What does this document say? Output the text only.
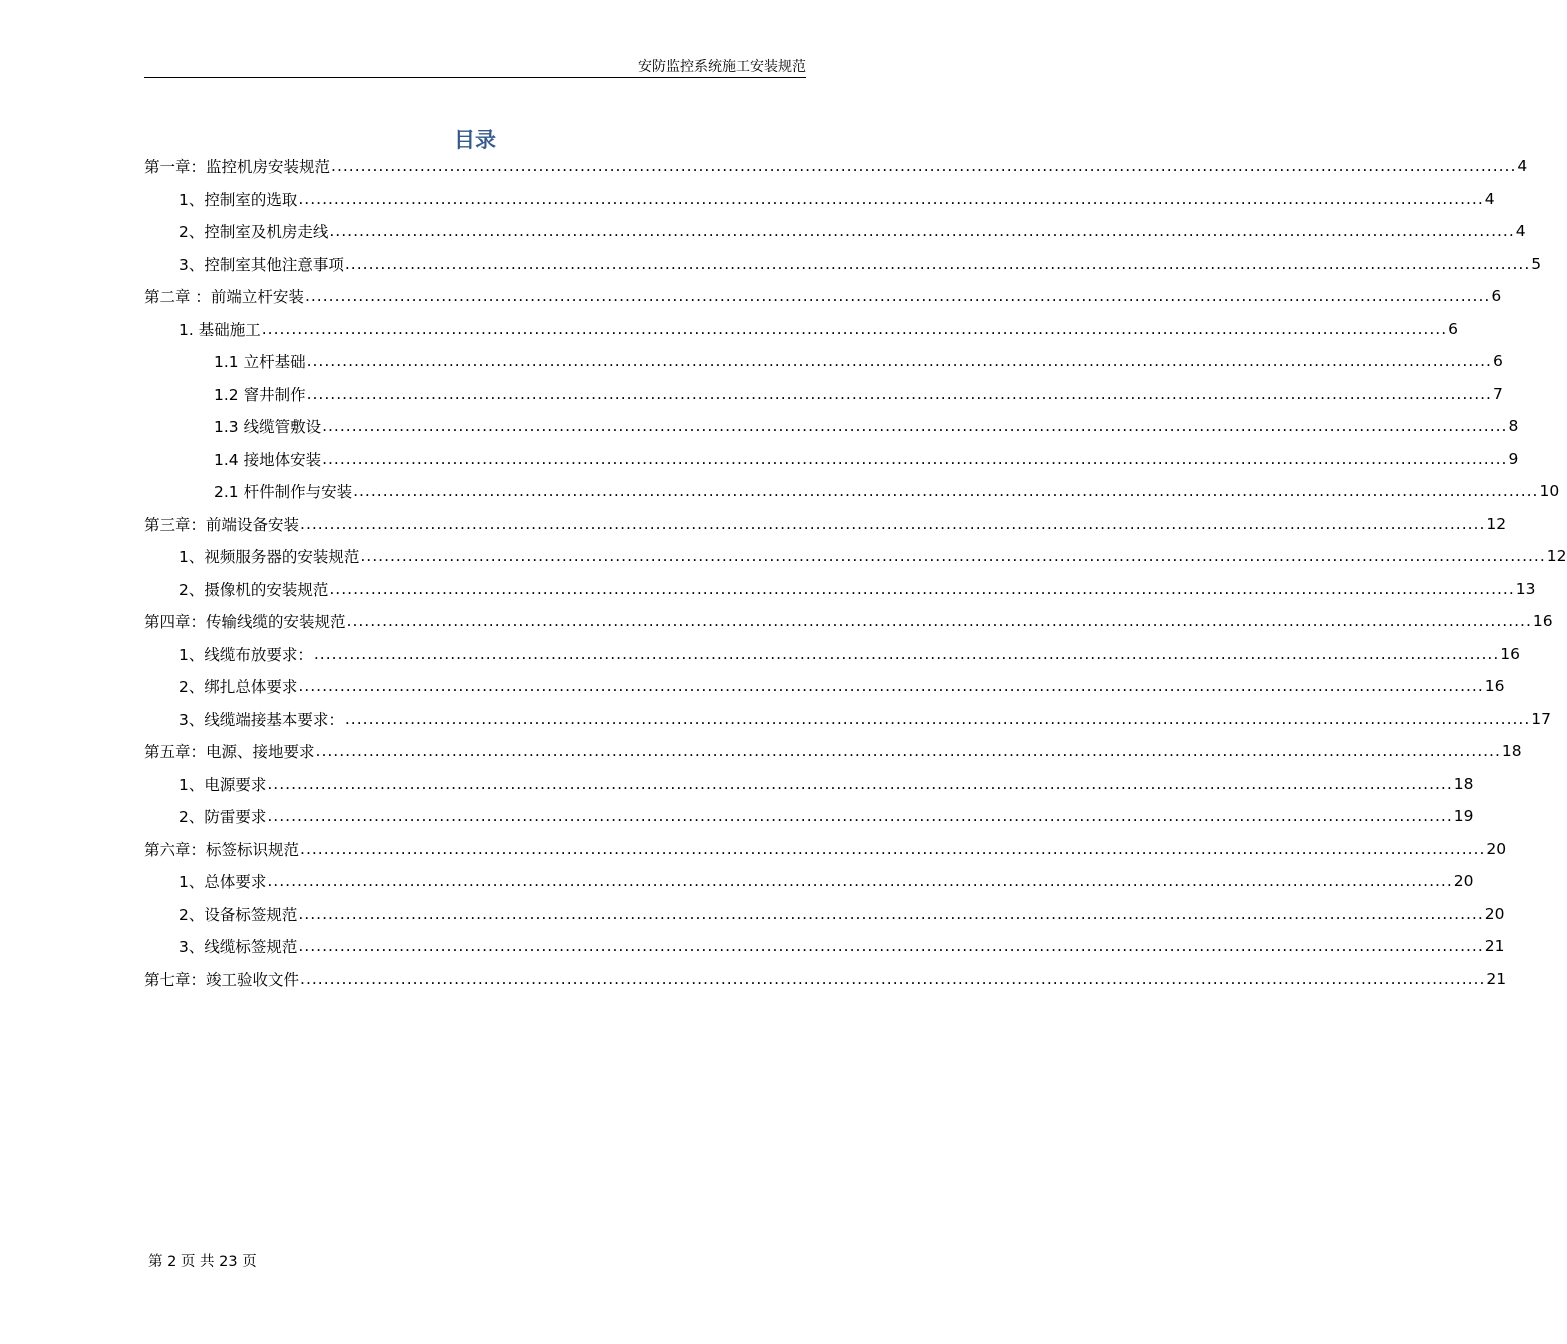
安防监控系统施工安装规范
目录
第一章：监控机房安装规范 ........................................................................................................................................................................................................ 4
1、控制室的选取 ........................................................................................................................................................................................................ 4
2、控制室及机房走线 ........................................................................................................................................................................................................ 4
3、控制室其他注意事项 ........................................................................................................................................................................................................ 5
第二章 ：前端立杆安装 ........................................................................................................................................................................................................ 6
1. 基础施工 ........................................................................................................................................................................................................ 6
1.1 立杆基础 ........................................................................................................................................................................................................ 6
1.2 窨井制作 ........................................................................................................................................................................................................ 7
1.3 线缆管敷设 ........................................................................................................................................................................................................ 8
1.4 接地体安装 ........................................................................................................................................................................................................ 9
2.1 杆件制作与安装 ........................................................................................................................................................................................................ 10
第三章：前端设备安装 ........................................................................................................................................................................................................ 12
1、视频服务器的安装规范 ........................................................................................................................................................................................................ 12
2、摄像机的安装规范 ........................................................................................................................................................................................................ 13
第四章：传输线缆的安装规范 ........................................................................................................................................................................................................ 16
1、线缆布放要求： ........................................................................................................................................................................................................ 16
2、绑扎总体要求 ........................................................................................................................................................................................................ 16
3、线缆端接基本要求： ........................................................................................................................................................................................................ 17
第五章：电源、接地要求 ........................................................................................................................................................................................................ 18
1、电源要求 ........................................................................................................................................................................................................ 18
2、防雷要求 ........................................................................................................................................................................................................ 19
第六章：标签标识规范 ........................................................................................................................................................................................................ 20
1、总体要求 ........................................................................................................................................................................................................ 20
2、设备标签规范 ........................................................................................................................................................................................................ 20
3、线缆标签规范 ........................................................................................................................................................................................................ 21
第七章：竣工验收文件 ........................................................................................................................................................................................................ 21
第 2 页 共 23 页
